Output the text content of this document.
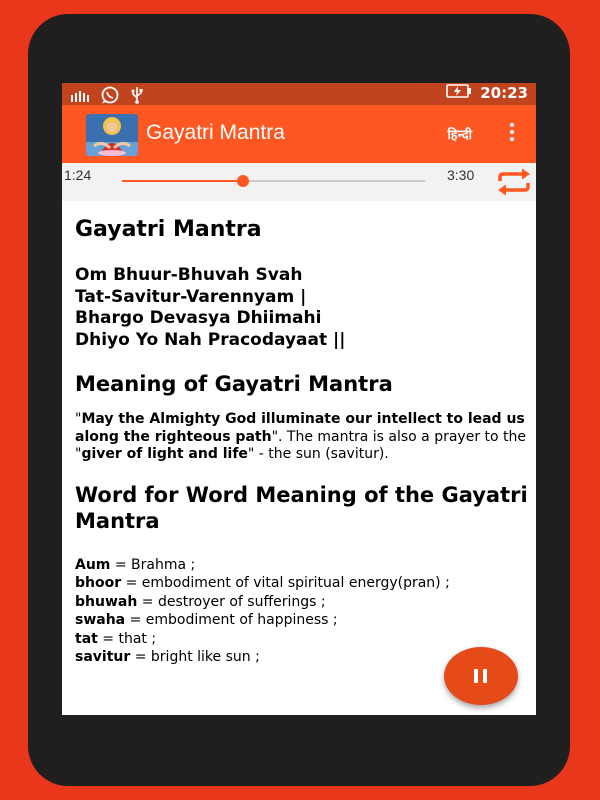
20:23
Gayatri Mantra	हिन्दी
1:24	3:30
Gayatri Mantra
Om Bhuur-Bhuvah Svah
Tat-Savitur-Varennyam |
Bhargo Devasya Dhiimahi
Dhiyo Yo Nah Pracodayaat ||
Meaning of Gayatri Mantra
"May the Almighty God illuminate our intellect to lead us along the righteous path". The mantra is also a prayer to the "giver of light and life" - the sun (savitur).
Word for Word Meaning of the Gayatri Mantra
Aum = Brahma ;
bhoor = embodiment of vital spiritual energy(pran) ;
bhuwah = destroyer of sufferings ;
swaha = embodiment of happiness ;
tat = that ;
savitur = bright like sun ;
